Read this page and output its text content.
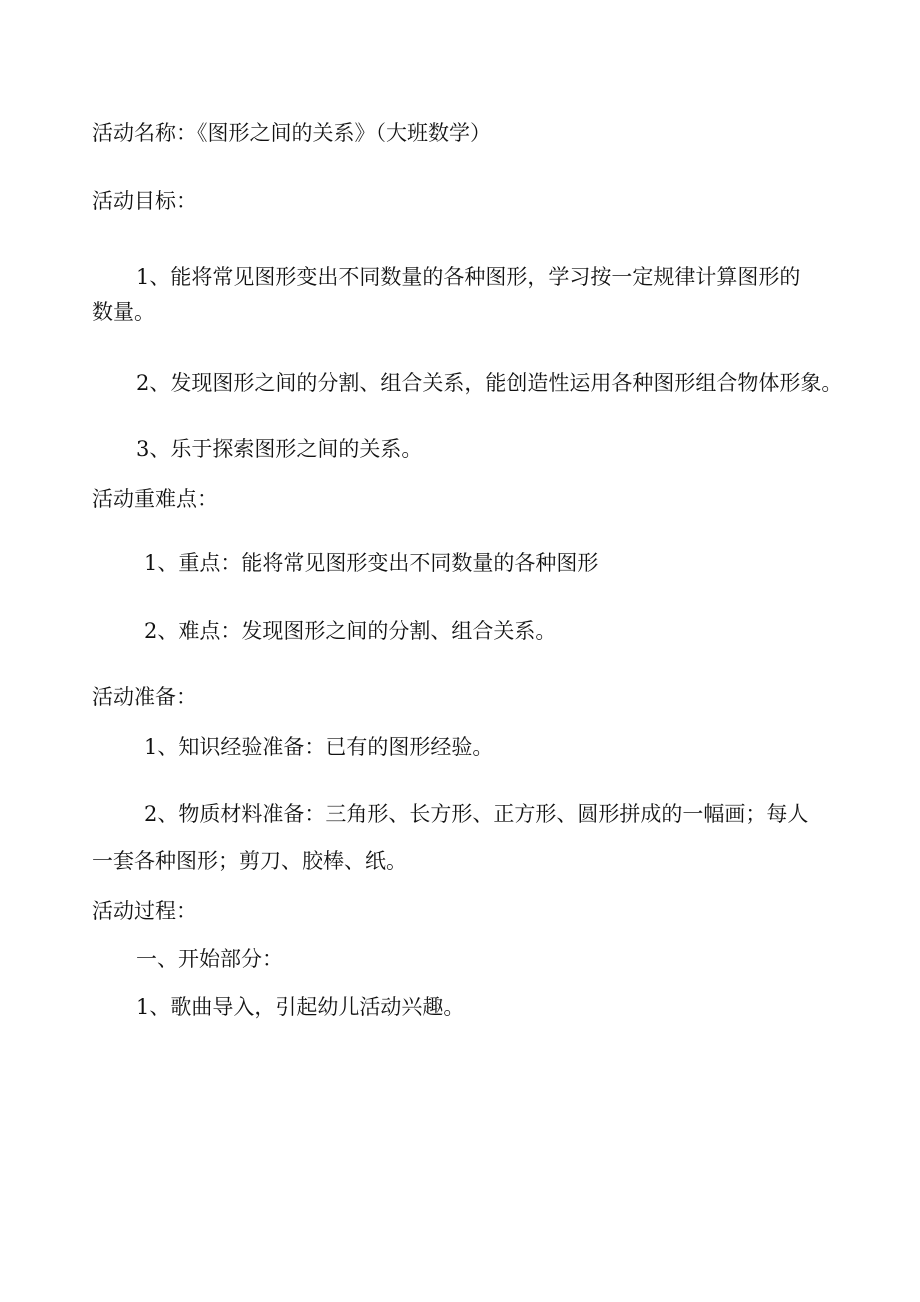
活动名称：《图形之间的关系》（大班数学）
活动目标：
1、能将常见图形变出不同数量的各种图形，学习按一定规律计算图形的
数量。
2、发现图形之间的分割、组合关系，能创造性运用各种图形组合物体形象。
3、乐于探索图形之间的关系。
活动重难点：
1、重点：能将常见图形变出不同数量的各种图形
2、难点：发现图形之间的分割、组合关系。
活动准备：
1、知识经验准备：已有的图形经验。
2、物质材料准备：三角形、长方形、正方形、圆形拼成的一幅画；每人
一套各种图形；剪刀、胶棒、纸。
活动过程：
一、开始部分：
1、歌曲导入，引起幼儿活动兴趣。
